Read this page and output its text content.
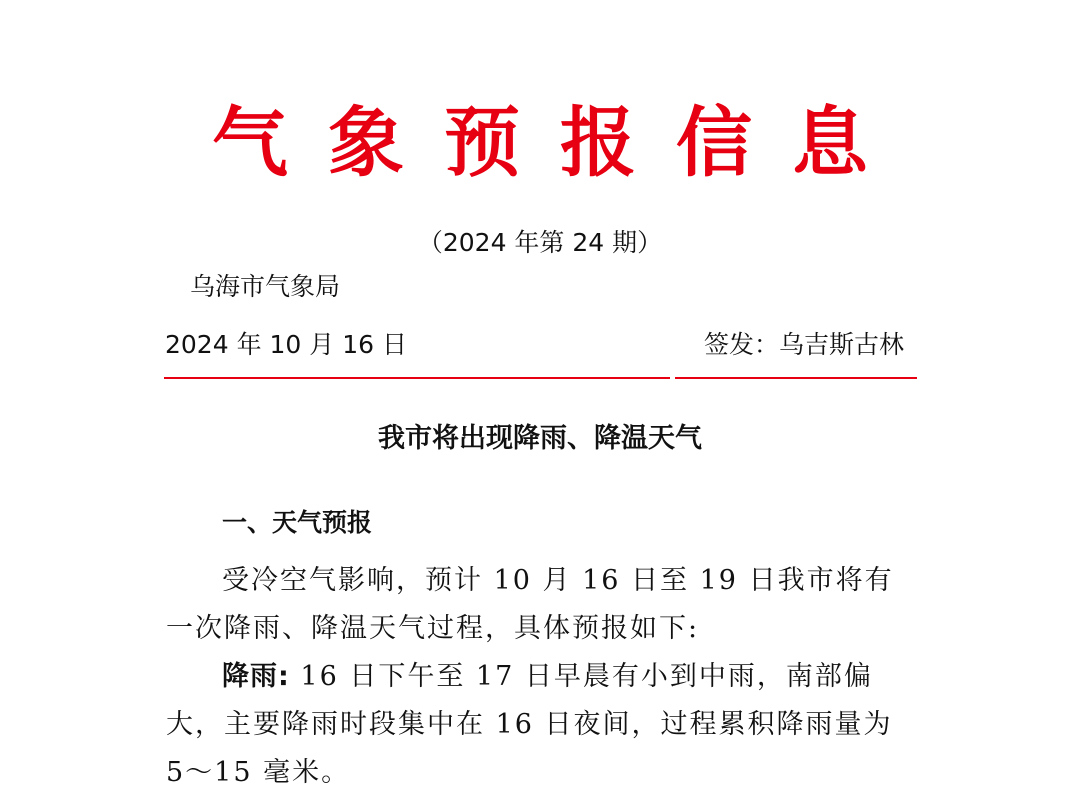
气象预报信息
（2024 年第 24 期）
乌海市气象局
2024 年 10 月 16 日	签发：乌吉斯古林
我市将出现降雨、降温天气
一、天气预报
受冷空气影响，预计 10 月 16 日至 19 日我市将有一次降雨、降温天气过程，具体预报如下:
降雨: 16 日下午至 17 日早晨有小到中雨，南部偏大，主要降雨时段集中在 16 日夜间，过程累积降雨量为 5～15 毫米。
